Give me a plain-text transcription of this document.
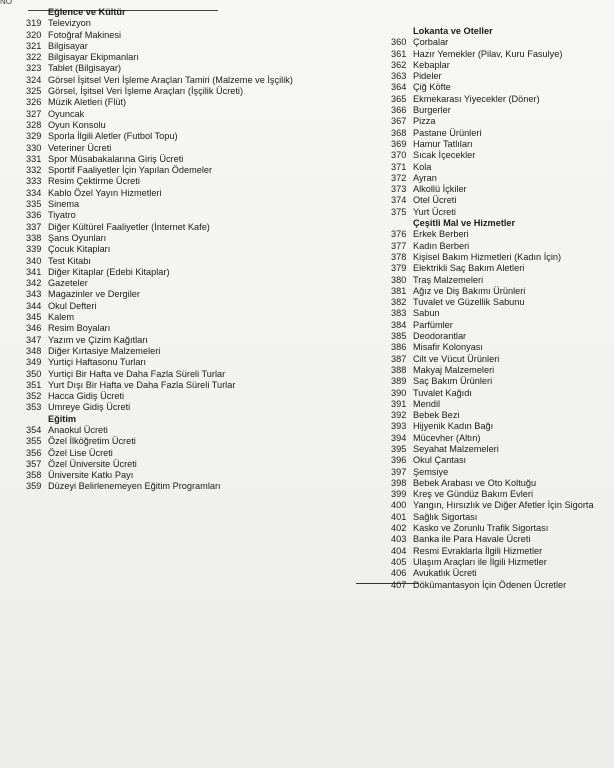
NO
Eğlence ve Kültür
319 Televizyon
320 Fotoğraf Makinesi
321 Bilgisayar
322 Bilgisayar Ekipmanları
323 Tablet (Bilgisayar)
324 Görsel İşitsel Veri İşleme Araçları Tamiri (Malzeme ve İşçilik)
325 Görsel, İşitsel Veri İşleme Araçları (İşçilik Ücreti)
326 Müzik Aletleri (Flüt)
327 Oyuncak
328 Oyun Konsolu
329 Sporla İlgili Aletler (Futbol Topu)
330 Veteriner Ücreti
331 Spor Müsabakalarına Giriş Ücreti
332 Sportif Faaliyetler İçin Yapılan Ödemeler
333 Resim Çektirme Ücreti
334 Kablo Özel Yayın Hizmetleri
335 Sinema
336 Tiyatro
337 Diğer Kültürel Faaliyetler (İnternet Kafe)
338 Şans Oyunları
339 Çocuk Kitapları
340 Test Kitabı
341 Diğer Kitaplar (Edebi Kitaplar)
342 Gazeteler
343 Magazinler ve Dergiler
344 Okul Defteri
345 Kalem
346 Resim Boyaları
347 Yazım ve Çizim Kağıtları
348 Diğer Kırtasiye Malzemeleri
349 Yurtiçi Haftasonu Turları
350 Yurtiçi Bir Hafta ve Daha Fazla Süreli Turlar
351 Yurt Dışı Bir Hafta ve Daha Fazla Süreli Turlar
352 Hacca Gidiş Ücreti
353 Umreye Gidiş Ücreti
Eğitim
354 Anaokul Ücreti
355 Özel İlköğretim Ücreti
356 Özel Lise Ücreti
357 Özel Üniversite Ücreti
358 Üniversite Katkı Payı
359 Düzeyi Belirlenemeyen Eğitim Programları
Lokanta ve Oteller
360 Çorbalar
361 Hazır Yemekler (Pilav, Kuru Fasulye)
362 Kebaplar
363 Pideler
364 Çiğ Köfte
365 Ekmekarası Yiyecekler (Döner)
366 Burgerler
367 Pizza
368 Pastane Ürünleri
369 Hamur Tatlıları
370 Sıcak İçecekler
371 Kola
372 Ayran
373 Alkollü İçkiler
374 Otel Ücreti
375 Yurt Ücreti
Çeşitli Mal ve Hizmetler
376 Erkek Berberi
377 Kadın Berberi
378 Kişisel Bakım Hizmetleri (Kadın İçin)
379 Elektrikli Saç Bakım Aletleri
380 Traş Malzemeleri
381 Ağız ve Diş Bakımı Ürünleri
382 Tuvalet ve Güzellik Sabunu
383 Sabun
384 Parfümler
385 Deodorantlar
386 Misafir Kolonyası
387 Cilt ve Vücut Ürünleri
388 Makyaj Malzemeleri
389 Saç Bakım Ürünleri
390 Tuvalet Kağıdı
391 Mendil
392 Bebek Bezi
393 Hijyenik Kadın Bağı
394 Mücevher (Altın)
395 Seyahat Malzemeleri
396 Okul Çantası
397 Şemsiye
398 Bebek Arabası ve Oto Koltuğu
399 Kreş ve Gündüz Bakım Evleri
400 Yangın, Hırsızlık ve Diğer Afetler İçin Sigorta
401 Sağlık Sigortası
402 Kasko ve Zorunlu Trafik Sigortası
403 Banka ile Para Havale Ücreti
404 Resmi Evraklarla İlgili Hizmetler
405 Ulaşım Araçları ile İlgili Hizmetler
406 Avukatlık Ücreti
407 Dökümantasyon İçin Ödenen Ücretler
